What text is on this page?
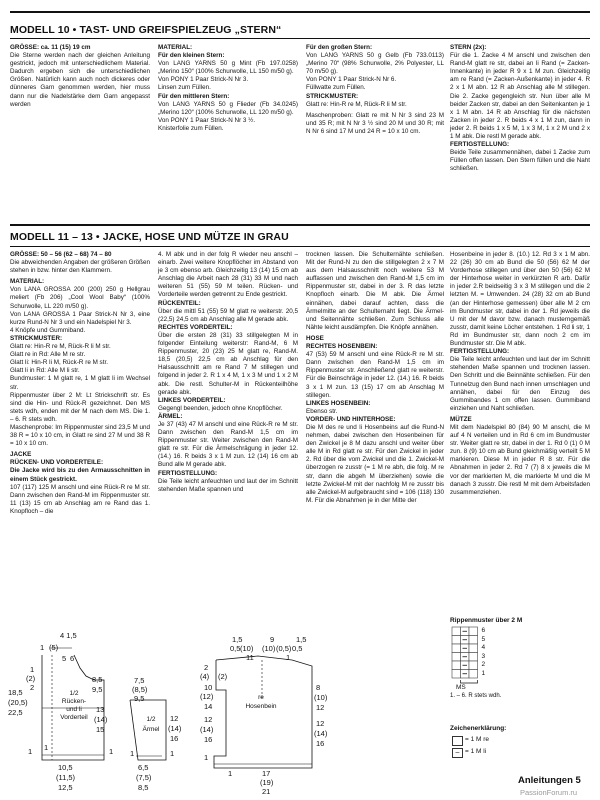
MODELL 10 • TAST- UND GREIFSPIELZEUG „STERN“

GRÖSSE: ca. 11 (15) 19 cm

Die Sterne werden nach der gleichen Anleitung gestrickt, jedoch mit unterschiedlichem Material. Dadurch ergeben sich die unterschiedlichen Größen. Natürlich kann auch noch dickeres oder dünneres Garn genommen werden, hier muss dann nur die Nadelstärke dem Garn angepasst werden

MATERIAL:

Für den kleinen Stern:

Von LANG YARNS 50 g Mint (Fb 197.0258) „Merino 150“ (100% Schurwolle, LL 150 m/50 g).

Von PONY 1 Paar Strick-N Nr 3.

Linsen zum Füllen.

Für den mittleren Stern:

Von LANG YARNS 50 g Flieder (Fb 34.0245) „Merino 120“ (100% Schurwolle, LL 120 m/50 g).

Von PONY 1 Paar Strick-N Nr 3 ½.

Knisterfolie zum Füllen.

Für den großen Stern:

Von LANG YARNS 50 g Gelb (Fb 733.0113) „Merino 70“ (98% Schurwolle, 2% Polyester, LL 70 m/50 g).

Von PONY 1 Paar Strick-N Nr 6.

Füllwatte zum Füllen.

STRICKMUSTER:

Glatt re: Hin-R re M, Rück-R li M str.

Maschenproben: Glatt re mit N Nr 3 sind 23 M und 35 R; mit N Nr 3 ½ sind 20 M und 30 R; mit N Nr 6 sind 17 M und 24 R = 10 x 10 cm.

STERN (2x):

Für die 1. Zacke 4 M anschl und zwischen den Rand-M glatt re str, dabei an li Rand (= Zacken-Innenkante) in jeder R 9 x 1 M zun. Gleichzeitig am re Rand (= Zacken-Außenkante) in jeder 4. R 2 x 1 M abn. 12 R ab Anschlag alle M stillegen. Die 2. Zacke gegengleich str. Nun über alle M beider Zacken str, dabei an den Seitenkanten je 1 x 1 M abn. 14 R ab Anschlag für die nächsten Zacken in jeder 2. R beids 4 x 1 M zun, dann in jeder 2. R beids 1 x 5 M, 1 x 3 M, 1 x 2 M und 2 x 1 M abk. Die restl M gerade abk.

FERTIGSTELLUNG:

Beide Teile zusammennähen, dabei 1 Zacke zum Füllen offen lassen. Den Stern füllen und die Naht schließen.

MODELL 11 – 13 • JACKE, HOSE UND MÜTZE IN GRAU

GRÖSSE: 50 – 56 (62 – 68) 74 – 80

Die abweichenden Angaben der größeren Größen stehen in bzw. hinter den Klammern.

MATERIAL:

Von LANA GROSSA 200 (200) 250 g Hellgrau meliert (Fb 206) „Cool Wool Baby“ (100% Schurwolle, LL 220 m/50 g).

Von LANA GROSSA 1 Paar Strick-N Nr 3, eine kurze Rund-N Nr 3 und ein Nadelspiel Nr 3.

4 Knöpfe und Gummiband.

STRICKMUSTER:

Glatt re: Hin-R re M, Rück-R li M str.

Glatt re in Rd: Alle M re str.

Glatt li: Hin-R li M, Rück-R re M str.

Glatt li in Rd: Alle M li str.

Bundmuster: 1 M glatt re, 1 M glatt li im Wechsel str.

Rippenmuster über 2 M: Lt Strickschrift str. Es sind die Hin- und Rück-R gezeichnet. Den MS stets wdh, enden mit der M nach dem MS. Die 1. – 6. R stets wdh.

Maschenprobe: Im Rippenmuster sind 23,5 M und 38 R = 10 x 10 cm, in Glatt re sind 27 M und 38 R = 10 x 10 cm.

JACKE

RÜCKEN- UND VORDERTEILE:

Die Jacke wird bis zu den Armausschnitten in einem Stück gestrickt.

107 (117) 125 M anschl und eine Rück-R re M str. Dann zwischen den Rand-M im Rippenmuster str. 11 (13) 15 cm ab Anschlag am re Rand das 1. Knopfloch – die

4. M abk und in der folg R wieder neu anschl – einarb. Zwei weitere Knopflöcher im Abstand von je 3 cm ebenso arb. Gleichzeitig 13 (14) 15 cm ab Anschlag die Arbeit nach 28 (31) 33 M und nach weiteren 51 (55) 59 M teilen. Rücken- und Vorderteile werden getrennt zu Ende gestrickt.

RÜCKENTEIL:

Über die mittl 51 (55) 59 M glatt re weiterstr. 20,5 (22,5) 24,5 cm ab Anschlag alle M gerade abk.

RECHTES VORDERTEIL:

Über die ersten 28 (31) 33 stillgelegten M in folgender Einteilung weiterstr: Rand-M, 6 M Rippenmuster, 20 (23) 25 M glatt re, Rand-M. 18,5 (20,5) 22,5 cm ab Anschlag für den Halsausschnitt am re Rand 7 M stillegen und folgend in jeder 2. R 1 x 4 M, 1 x 3 M und 1 x 2 M abk. Die restl. Schulter-M in Rückenteilhöhe gerade abk.

LINKES VORDERTEIL:

Gegengl beenden, jedoch ohne Knopflöcher.

ÄRMEL:

Je 37 (43) 47 M anschl und eine Rück-R re M str. Dann zwischen den Rand-M 1,5 cm im Rippenmuster str. Weiter zwischen den Rand-M glatt re str. Für die Ärmelschrägung in jeder 12. (14.) 16. R beids 3 x 1 M zun. 12 (14) 16 cm ab Bund alle M gerade abk.

FERTIGSTELLUNG:

Die Teile leicht anfeuchten und laut der im Schnitt stehenden Maße spannen und

trocknen lassen. Die Schulternähte schließen. Mit der Rund-N zu den die stillgelegten 2 x 7 M aus dem Halsausschnitt noch weitere 53 M auffassen und zwischen den Rand-M 1,5 cm im Rippenmuster str, dabei in der 3. R das letzte Knopfloch einarb. Die M abk. Die Ärmel einnähen, dabei darauf achten, dass die Ärmelmitte an der Schulternaht liegt. Die Ärmel- und Seitennähte schließen. Zum Schluss alle Nähte leicht ausdämpfen. Die Knöpfe annähen.

HOSE

RECHTES HOSENBEIN:

47 (53) 59 M anschl und eine Rück-R re M str. Dann zwischen den Rand-M 1,5 cm im Rippenmuster str. Anschließend glatt re weiterstr. Für die Beinschräge in jeder 12. (14.) 16. R beids 3 x 1 M zun. 13 (15) 17 cm ab Anschlag M stillegen.

LINKES HOSENBEIN:

Ebenso str.

VORDER- UND HINTERHOSE:

Die M des re und li Hosenbeins auf die Rund-N nehmen, dabei zwischen den Hosenbeinen für den Zwickel je 8 M dazu anschl und weiter über alle M in Rd glatt re str. Für den Zwickel in jeder 2. Rd über die vom Zwickel und die 1. Zwickel-M überzogen re zusstr (= 1 M re abh, die folg. M re str, dann die abgeh M überziehen) sowie die letzte Zwickel-M mit der nachfolg M re zusstr bis alle Zwickel-M aufgebraucht sind = 106 (118) 130 M. Für die Abnahmen je in der Mitte der

Hosenbeine in jeder 8. (10.) 12. Rd 3 x 1 M abn. 22 (26) 30 cm ab Bund die 50 (56) 62 M der Vorderhose stillegen und über den 50 (56) 62 M der Hinterhose weiter in verkürzten R arb. Dafür in jeder 2.R beidseitig 3 x 3 M stillegen und die 2 letzten M. = Umwenden. 24 (28) 32 cm ab Bund (an der Hinterhose gemessen) über alle M 2 cm im Bundmuster str, dabei in der 1. Rd jeweils die U mit der M davor bzw. danach musterngemäß zusstr, damit keine Löcher entstehen. 1 Rd li str, 1 Rd im Bundmuster str, dann noch 2 cm im Bundmuster str. Die M abk.

FERTIGSTELLUNG:

Die Teile leicht anfeuchten und laut der im Schnitt stehenden Maße spannen und trocknen lassen. Den Schritt und die Beinnähte schließen. Für den Tunnelzug den Bund nach innen umschlagen und annähen, dabei für den Einzug des Gummibandes 1 cm offen lassen. Gummiband einziehen und Naht schließen.

MÜTZE

Mit dem Nadelspiel 80 (84) 90 M anschl, die M auf 4 N verteilen und in Rd 6 cm im Bundmuster str. Weiter glatt re str, dabei in der 1. Rd 0 (1) 0 M zun. 8 (9) 10 cm ab Bund gleichmäßig verteilt 5 M markieren. Diese M in jeder R 8 str. Für die Abnahmen in jeder 2. Rd 7 (7) 8 x jeweils die M vor der markierten M, die markierte M und die M danach 3 zusstr. Die restl M mit dem Arbeitsfaden zusammenziehen.

4 1,5
1 (5)
5 6
1
(2)
2
18,5
(20,5)
22,5
8,5
9,5
13
(14)
15
1/2
Rücken-
und li
Vorderteil
10,5
(11,5)
12,5
1
1	1
7,5
(8,5)
9,5
12
(14)
16
1/2
Ärmel
1	1
6,5
(7,5)
8,5
1,5	9	1,5
0,5	(10) 0,5
(10)	(0,5)
11	1
2
(4) (2)
10
(12)
14
12
(14)
16
1
8
(10)
12
12
(14)
16
re
Hosenbein
1	17
(19)
21
Rippenmuster über 2 M
6
5
4
3
2
1
MS
1. – 6. R stets wdh.
Zeichenerklärung:
= 1 M re
– = 1 M li
Anleitungen 5
PassionForum.ru
